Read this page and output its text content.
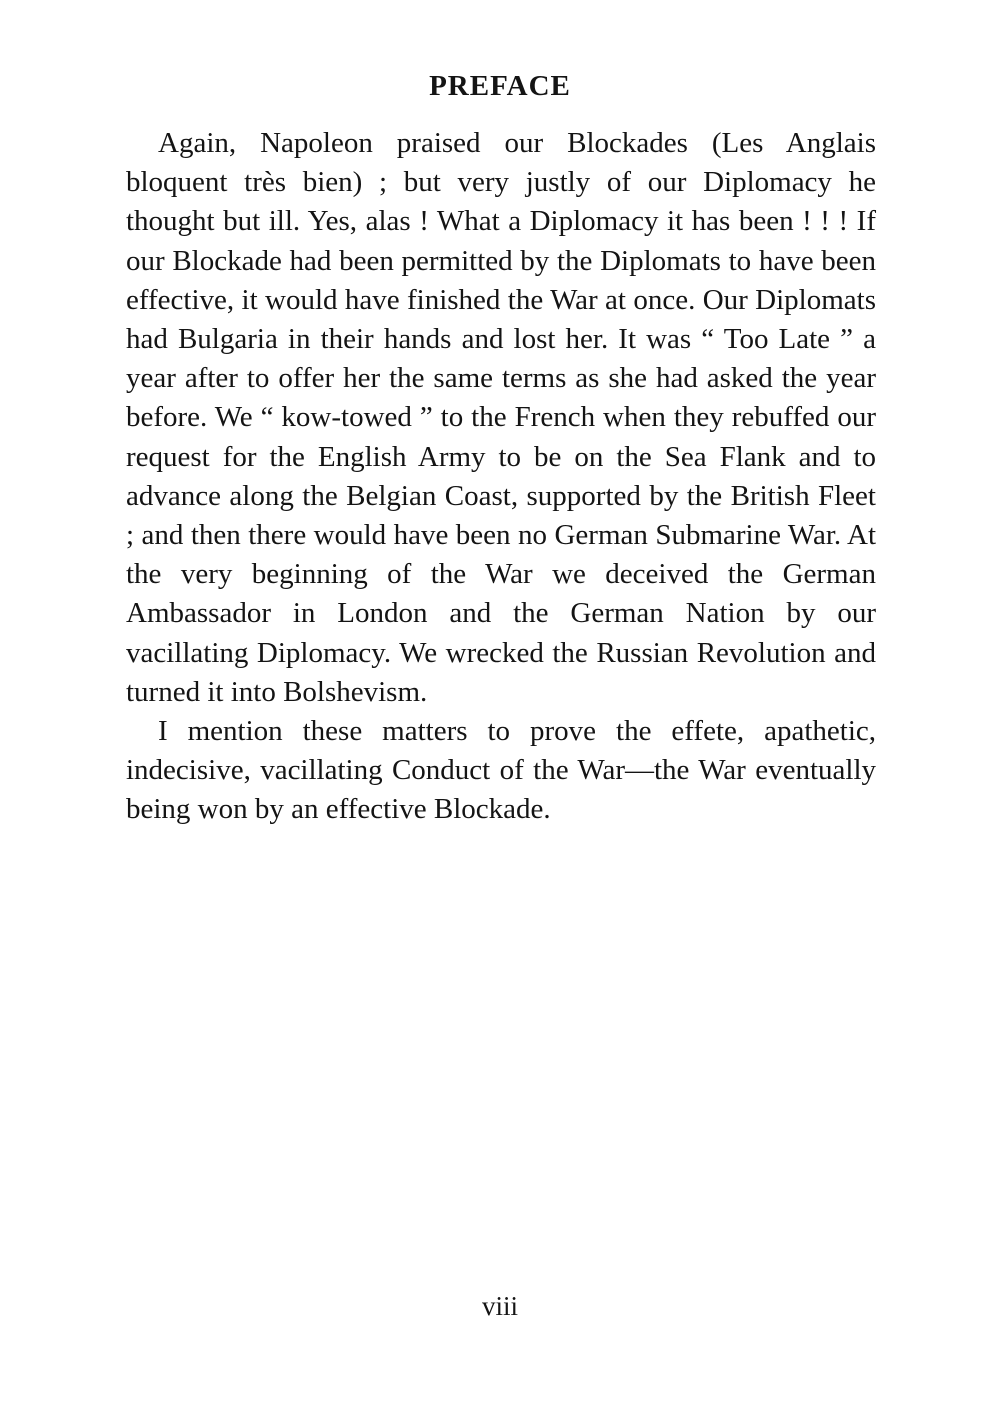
PREFACE

Again, Napoleon praised our Blockades (Les Anglais bloquent très bien) ; but very justly of our Diplomacy he thought but ill. Yes, alas ! What a Diplomacy it has been ! ! ! If our Blockade had been permitted by the Diplomats to have been effective, it would have finished the War at once. Our Diplomats had Bulgaria in their hands and lost her. It was “ Too Late ” a year after to offer her the same terms as she had asked the year before. We “ kow-towed ” to the French when they rebuffed our request for the English Army to be on the Sea Flank and to advance along the Belgian Coast, supported by the British Fleet ; and then there would have been no German Submarine War. At the very beginning of the War we deceived the German Ambassador in London and the German Nation by our vacillating Diplomacy. We wrecked the Russian Revolution and turned it into Bolshevism.

I mention these matters to prove the effete, apathetic, indecisive, vacillating Conduct of the War—the War eventually being won by an effective Blockade.

viii
